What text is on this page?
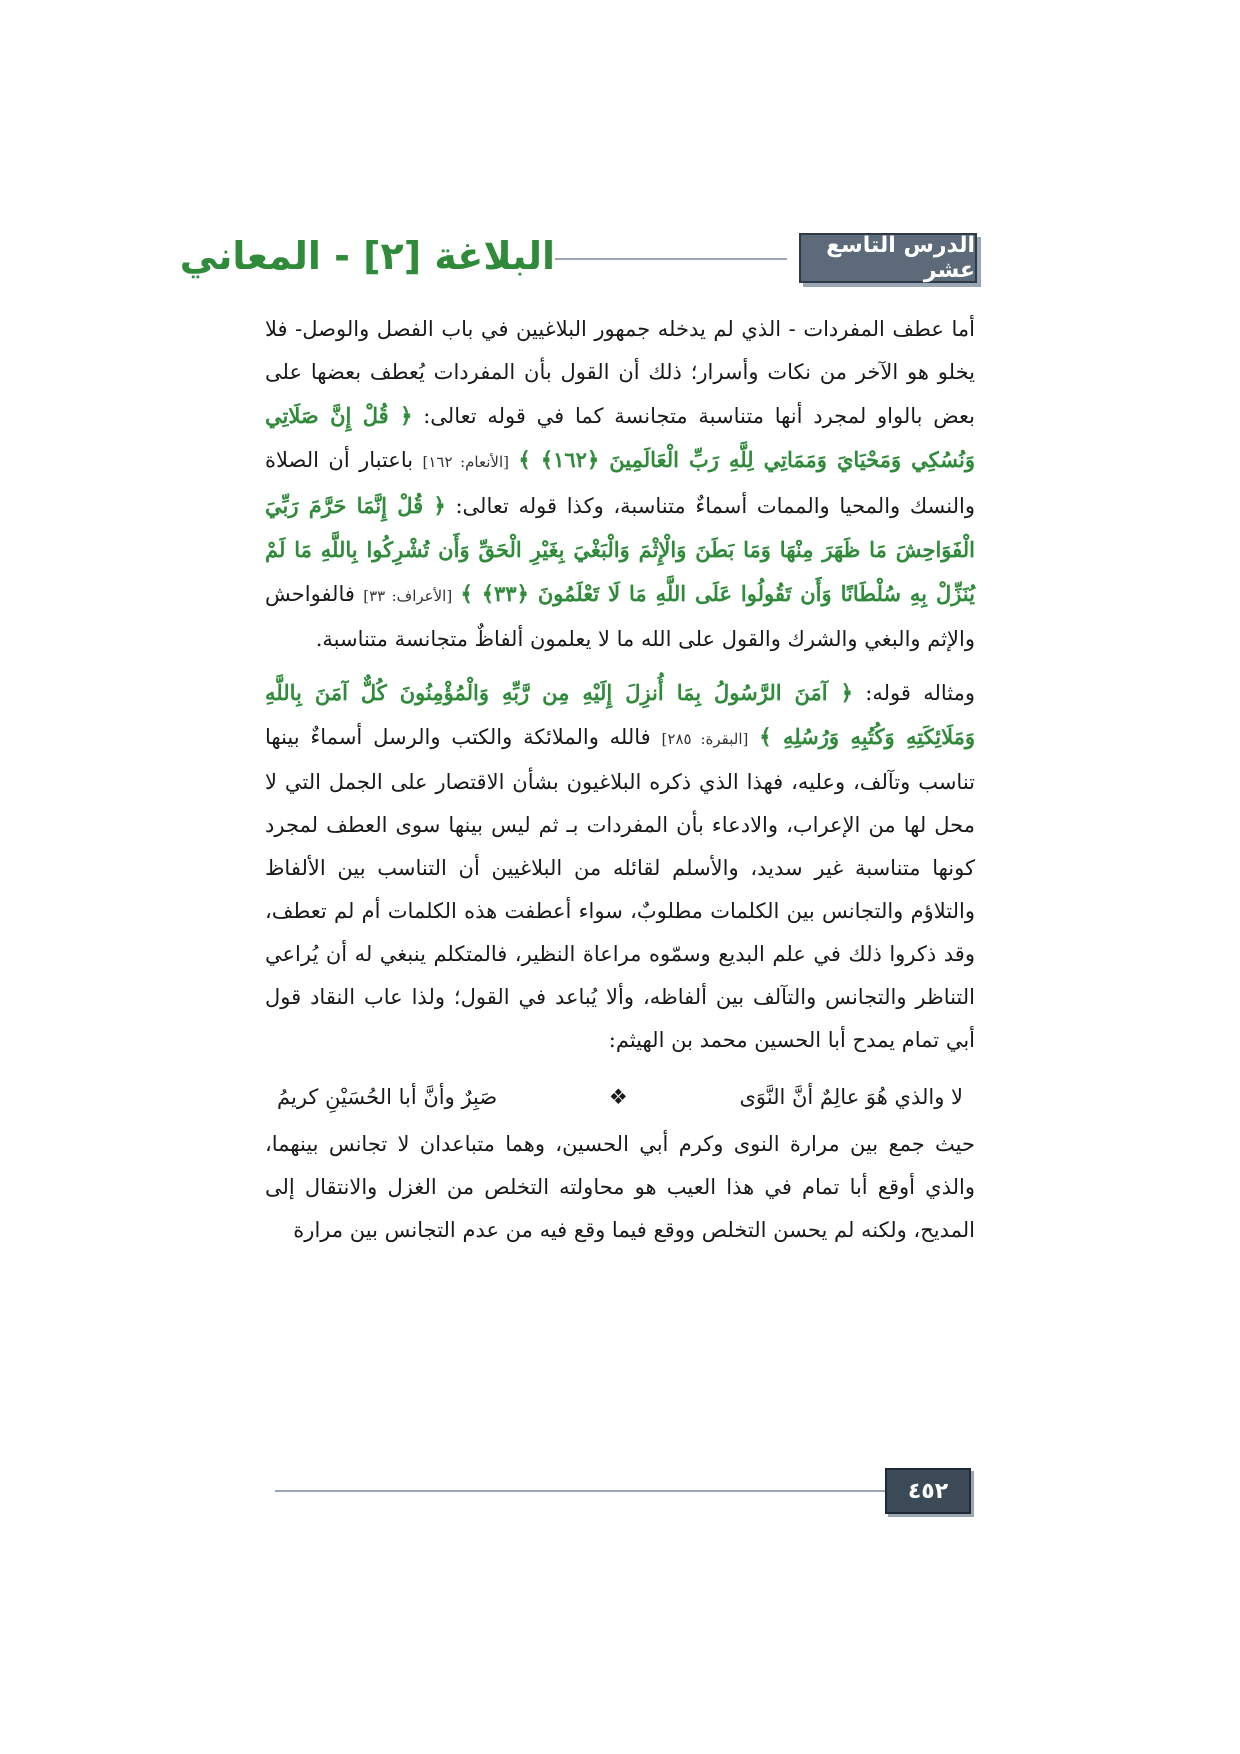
الدرس التاسع عشر
البلاغة [٢] - المعاني

أما عطف المفردات - الذي لم يدخله جمهور البلاغيين في باب الفصل والوصل- فلا يخلو هو الآخر من نكات وأسرار؛ ذلك أن القول بأن المفردات يُعطف بعضها على بعض بالواو لمجرد أنها متناسبة متجانسة كما في قوله تعالى: ﴿ قُلْ إِنَّ صَلَاتِي وَنُسُكِي وَمَحْيَايَ وَمَمَاتِي لِلَّهِ رَبِّ الْعَالَمِينَ ﴿١٦٢﴾ ﴾ [الأنعام: ١٦٢] باعتبار أن الصلاة والنسك والمحيا والممات أسماءٌ متناسبة، وكذا قوله تعالى: ﴿ قُلْ إِنَّمَا حَرَّمَ رَبِّيَ الْفَوَاحِشَ مَا ظَهَرَ مِنْهَا وَمَا بَطَنَ وَالْإِثْمَ وَالْبَغْيَ بِغَيْرِ الْحَقِّ وَأَن تُشْرِكُوا بِاللَّهِ مَا لَمْ يُنَزِّلْ بِهِ سُلْطَانًا وَأَن تَقُولُوا عَلَى اللَّهِ مَا لَا تَعْلَمُونَ ﴿٣٣﴾ ﴾ [الأعراف: ٣٣] فالفواحش والإثم والبغي والشرك والقول على الله ما لا يعلمون ألفاظٌ متجانسة متناسبة.

ومثاله قوله: ﴿ آمَنَ الرَّسُولُ بِمَا أُنزِلَ إِلَيْهِ مِن رَّبِّهِ وَالْمُؤْمِنُونَ كُلٌّ آمَنَ بِاللَّهِ وَمَلَائِكَتِهِ وَكُتُبِهِ وَرُسُلِهِ ﴾ [البقرة: ٢٨٥] فالله والملائكة والكتب والرسل أسماءٌ بينها تناسب وتآلف، وعليه، فهذا الذي ذكره البلاغيون بشأن الاقتصار على الجمل التي لا محل لها من الإعراب، والادعاء بأن المفردات بـ ثم ليس بينها سوى العطف لمجرد كونها متناسبة غير سديد، والأسلم لقائله من البلاغيين أن التناسب بين الألفاظ والتلاؤم والتجانس بين الكلمات مطلوبٌ، سواء أعطفت هذه الكلمات أم لم تعطف، وقد ذكروا ذلك في علم البديع وسمّوه مراعاة النظير، فالمتكلم ينبغي له أن يُراعي التناظر والتجانس والتآلف بين ألفاظه، وألا يُباعد في القول؛ ولذا عاب النقاد قول أبي تمام يمدح أبا الحسين محمد بن الهيثم:

لا والذي هُوَ عالِمٌ أنَّ النَّوَى
❖
صَبِرٌ وأنَّ أبا الحُسَيْنِ كريمُ

حيث جمع بين مرارة النوى وكرم أبي الحسين، وهما متباعدان لا تجانس بينهما، والذي أوقع أبا تمام في هذا العيب هو محاولته التخلص من الغزل والانتقال إلى المديح، ولكنه لم يحسن التخلص ووقع فيما وقع فيه من عدم التجانس بين مرارة

٤٥٢
